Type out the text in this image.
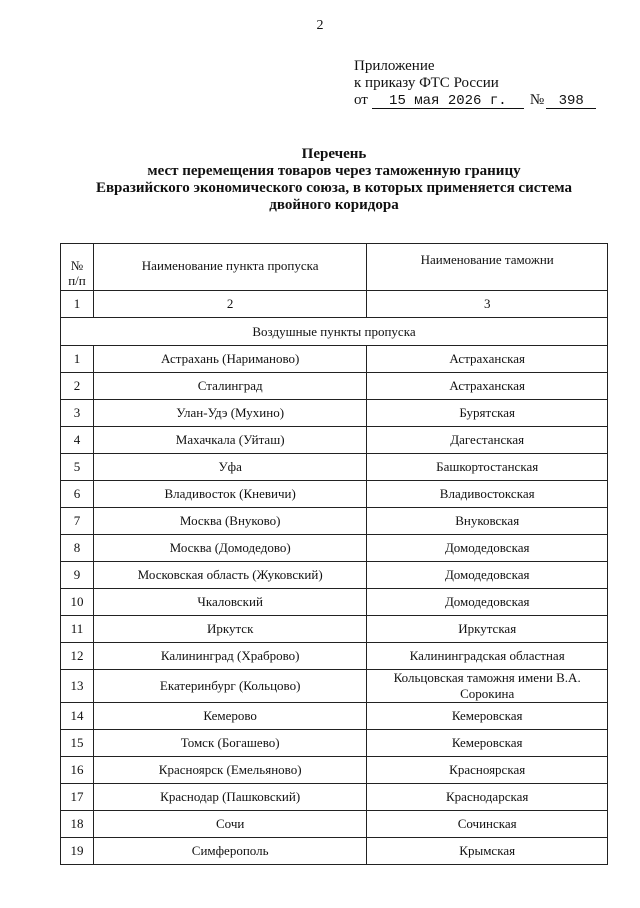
2
Приложение
к приказу ФТС России
от 15 мая 2026 г. № 398
Перечень
мест перемещения товаров через таможенную границу
Евразийского экономического союза, в которых применяется система
двойного коридора
№
п/п	Наименование пункта пропуска	Наименование таможни
1	2	3
Воздушные пункты пропуска		
1	Астрахань (Нариманово)	Астраханская
2	Сталинград	Астраханская
3	Улан-Удэ (Мухино)	Бурятская
4	Махачкала (Уйташ)	Дагестанская
5	Уфа	Башкортостанская
6	Владивосток (Кневичи)	Владивостокская
7	Москва (Внуково)	Внуковская
8	Москва (Домодедово)	Домодедовская
9	Московская область (Жуковский)	Домодедовская
10	Чкаловский	Домодедовская
11	Иркутск	Иркутская
12	Калининград (Храброво)	Калининградская областная
13	Екатеринбург (Кольцово)	Кольцовская таможня имени В.А. Сорокина
14	Кемерово	Кемеровская
15	Томск (Богашево)	Кемеровская
16	Красноярск (Емельяново)	Красноярская
17	Краснодар (Пашковский)	Краснодарская
18	Сочи	Сочинская
19	Симферополь	Крымская
